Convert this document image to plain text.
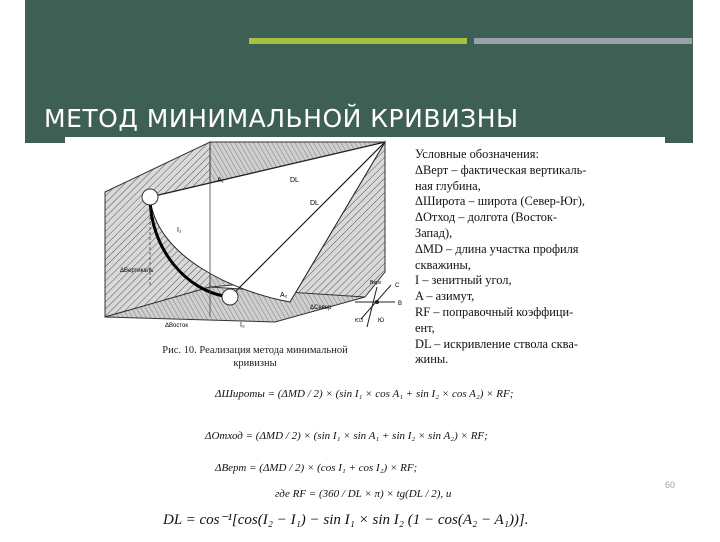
МЕТОД МИНИМАЛЬНОЙ КРИВИЗНЫ
A₁
I₁
DL
DL
ΔВертикаль
I₂
A₂
ΔСевер
ΔВосток
Верх С
В
Ю
ЮЗ
Условные обозначения:
ΔВерт – фактическая вертикаль-
ная глубина,
ΔШирота – широта (Север-Юг),
ΔОтход – долгота (Восток-
Запад),
ΔMD – длина участка профиля
скважины,
I – зенитный угол,
A – азимут,
RF – поправочный коэффици-
ент,
DL – искривление ствола сква-
жины.
Рис. 10. Реализация метода минимальной
кривизны
ΔШироты = (ΔMD / 2) × (sin I₁ × cos A₁ + sin I₂ × cos A₂) × RF;
ΔОтход = (ΔMD / 2) × (sin I₁ × sin A₁ + sin I₂ × sin A₂) × RF;
ΔВерт = (ΔMD / 2) × (cos I₁ + cos I₂) × RF;
где RF = (360 / DL × π) × tg(DL / 2), и
DL = cos⁻¹[cos(I₂ − I₁) − sin I₁ × sin I₂ (1 − cos(A₂ − A₁))].
60
